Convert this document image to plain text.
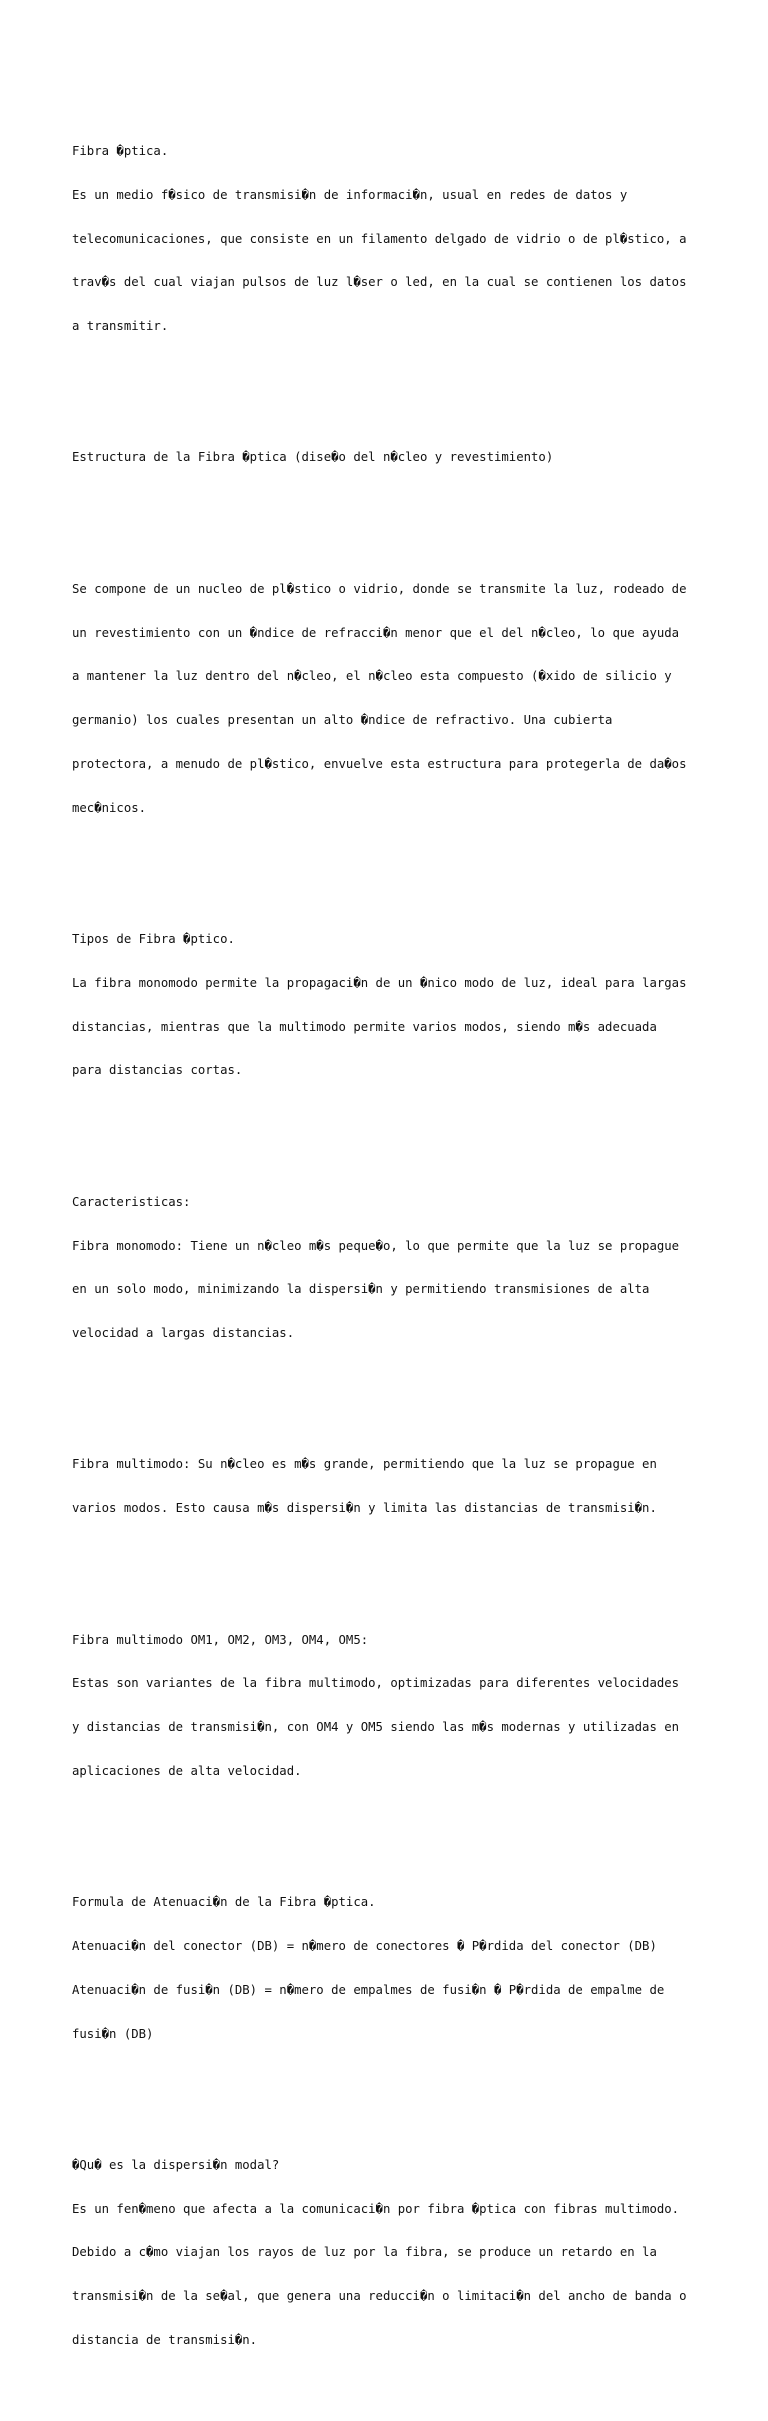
Fibra �ptica.

Es un medio f�sico de transmisi�n de informaci�n, usual en redes de datos y

telecomunicaciones, que consiste en un filamento delgado de vidrio o de pl�stico, a

trav�s del cual viajan pulsos de luz l�ser o led, en la cual se contienen los datos

a transmitir.

Estructura de la Fibra �ptica (dise�o del n�cleo y revestimiento)

Se compone de un nucleo de pl�stico o vidrio, donde se transmite la luz, rodeado de

un revestimiento con un �ndice de refracci�n menor que el del n�cleo, lo que ayuda

a mantener la luz dentro del n�cleo, el n�cleo esta compuesto (�xido de silicio y

germanio) los cuales presentan un alto �ndice de refractivo. Una cubierta

protectora, a menudo de pl�stico, envuelve esta estructura para protegerla de da�os

mec�nicos.

Tipos de Fibra �ptico.

La fibra monomodo permite la propagaci�n de un �nico modo de luz, ideal para largas

distancias, mientras que la multimodo permite varios modos, siendo m�s adecuada

para distancias cortas.

Caracteristicas:

Fibra monomodo: Tiene un n�cleo m�s peque�o, lo que permite que la luz se propague

en un solo modo, minimizando la dispersi�n y permitiendo transmisiones de alta

velocidad a largas distancias.

Fibra multimodo: Su n�cleo es m�s grande, permitiendo que la luz se propague en

varios modos. Esto causa m�s dispersi�n y limita las distancias de transmisi�n.

Fibra multimodo OM1, OM2, OM3, OM4, OM5:

Estas son variantes de la fibra multimodo, optimizadas para diferentes velocidades

y distancias de transmisi�n, con OM4 y OM5 siendo las m�s modernas y utilizadas en

aplicaciones de alta velocidad.

Formula de Atenuaci�n de la Fibra �ptica.

Atenuaci�n del conector (DB) = n�mero de conectores � P�rdida del conector (DB)

Atenuaci�n de fusi�n (DB) = n�mero de empalmes de fusi�n � P�rdida de empalme de

fusi�n (DB)

�Qu� es la dispersi�n modal?

Es un fen�meno que afecta a la comunicaci�n por fibra �ptica con fibras multimodo.

Debido a c�mo viajan los rayos de luz por la fibra, se produce un retardo en la

transmisi�n de la se�al, que genera una reducci�n o limitaci�n del ancho de banda o

distancia de transmisi�n.
